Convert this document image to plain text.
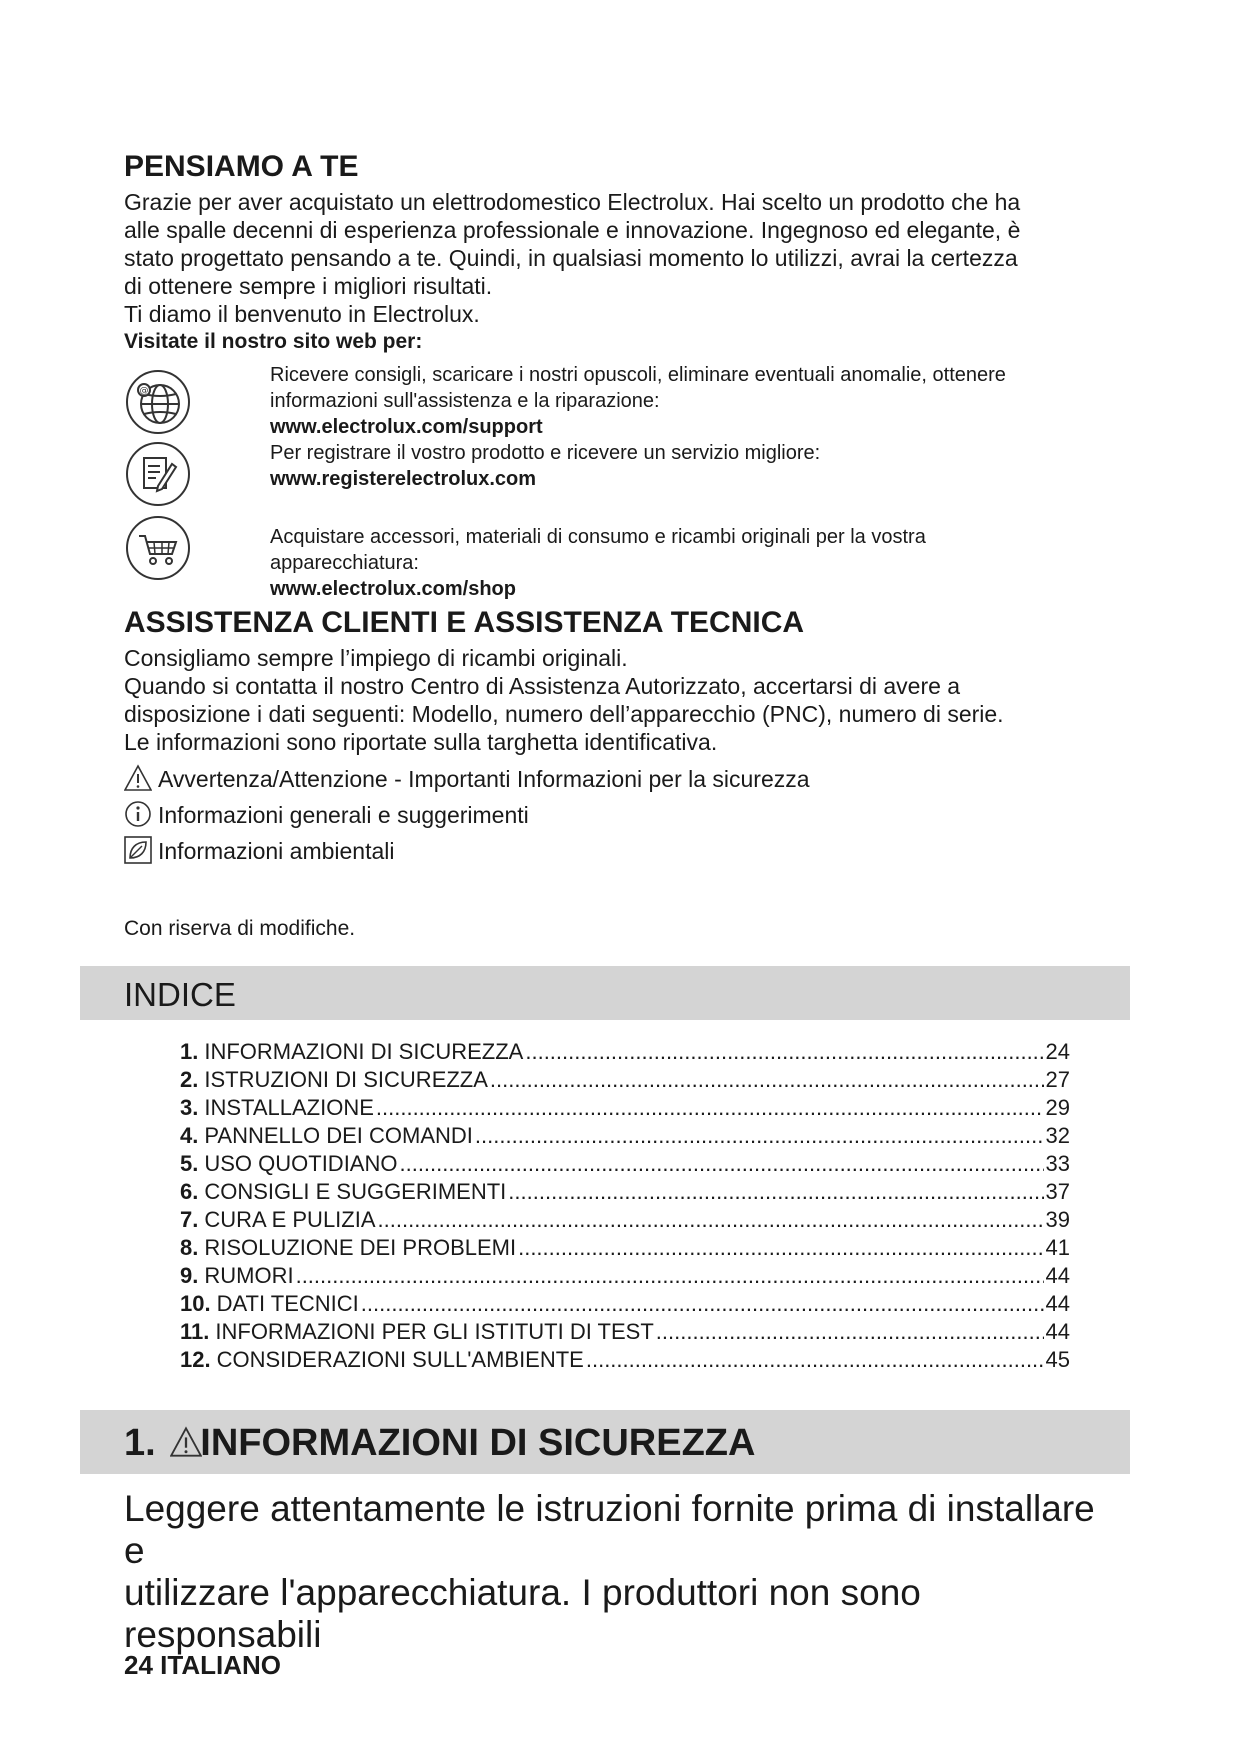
PENSIAMO A TE

Grazie per aver acquistato un elettrodomestico Electrolux. Hai scelto un prodotto che ha

alle spalle decenni di esperienza professionale e innovazione. Ingegnoso ed elegante, è

stato progettato pensando a te. Quindi, in qualsiasi momento lo utilizzi, avrai la certezza

di ottenere sempre i migliori risultati.

Ti diamo il benvenuto in Electrolux.

Visitate il nostro sito web per:

@

Ricevere consigli, scaricare i nostri opuscoli, eliminare eventuali anomalie, ottenere

informazioni sull'assistenza e la riparazione:

www.electrolux.com/support

Per registrare il vostro prodotto e ricevere un servizio migliore:

www.registerelectrolux.com

Acquistare accessori, materiali di consumo e ricambi originali per la vostra

apparecchiatura:

www.electrolux.com/shop

ASSISTENZA CLIENTI E ASSISTENZA TECNICA

Consigliamo sempre l’impiego di ricambi originali.

Quando si contatta il nostro Centro di Assistenza Autorizzato, accertarsi di avere a

disposizione i dati seguenti: Modello, numero dell’apparecchio (PNC), numero di serie.

Le informazioni sono riportate sulla targhetta identificativa.

Avvertenza/Attenzione - Importanti Informazioni per la sicurezza
Informazioni generali e suggerimenti
Informazioni ambientali
Con riserva di modifiche.
INDICE
1. INFORMAZIONI DI SICUREZZA .....	24
2. ISTRUZIONI DI SICUREZZA .....	27
3. INSTALLAZIONE .....	29
4. PANNELLO DEI COMANDI .....	32
5. USO QUOTIDIANO .....	33
6. CONSIGLI E SUGGERIMENTI .....	37
7. CURA E PULIZIA .....	39
8. RISOLUZIONE DEI PROBLEMI .....	41
9. RUMORI .....	44
10. DATI TECNICI .....	44
11. INFORMAZIONI PER GLI ISTITUTI DI TEST .....	44
12. CONSIDERAZIONI SULL'AMBIENTE .....	45
1. INFORMAZIONI DI SICUREZZA

Leggere attentamente le istruzioni fornite prima di installare e

utilizzare l'apparecchiatura. I produttori non sono responsabili

24 ITALIANO
